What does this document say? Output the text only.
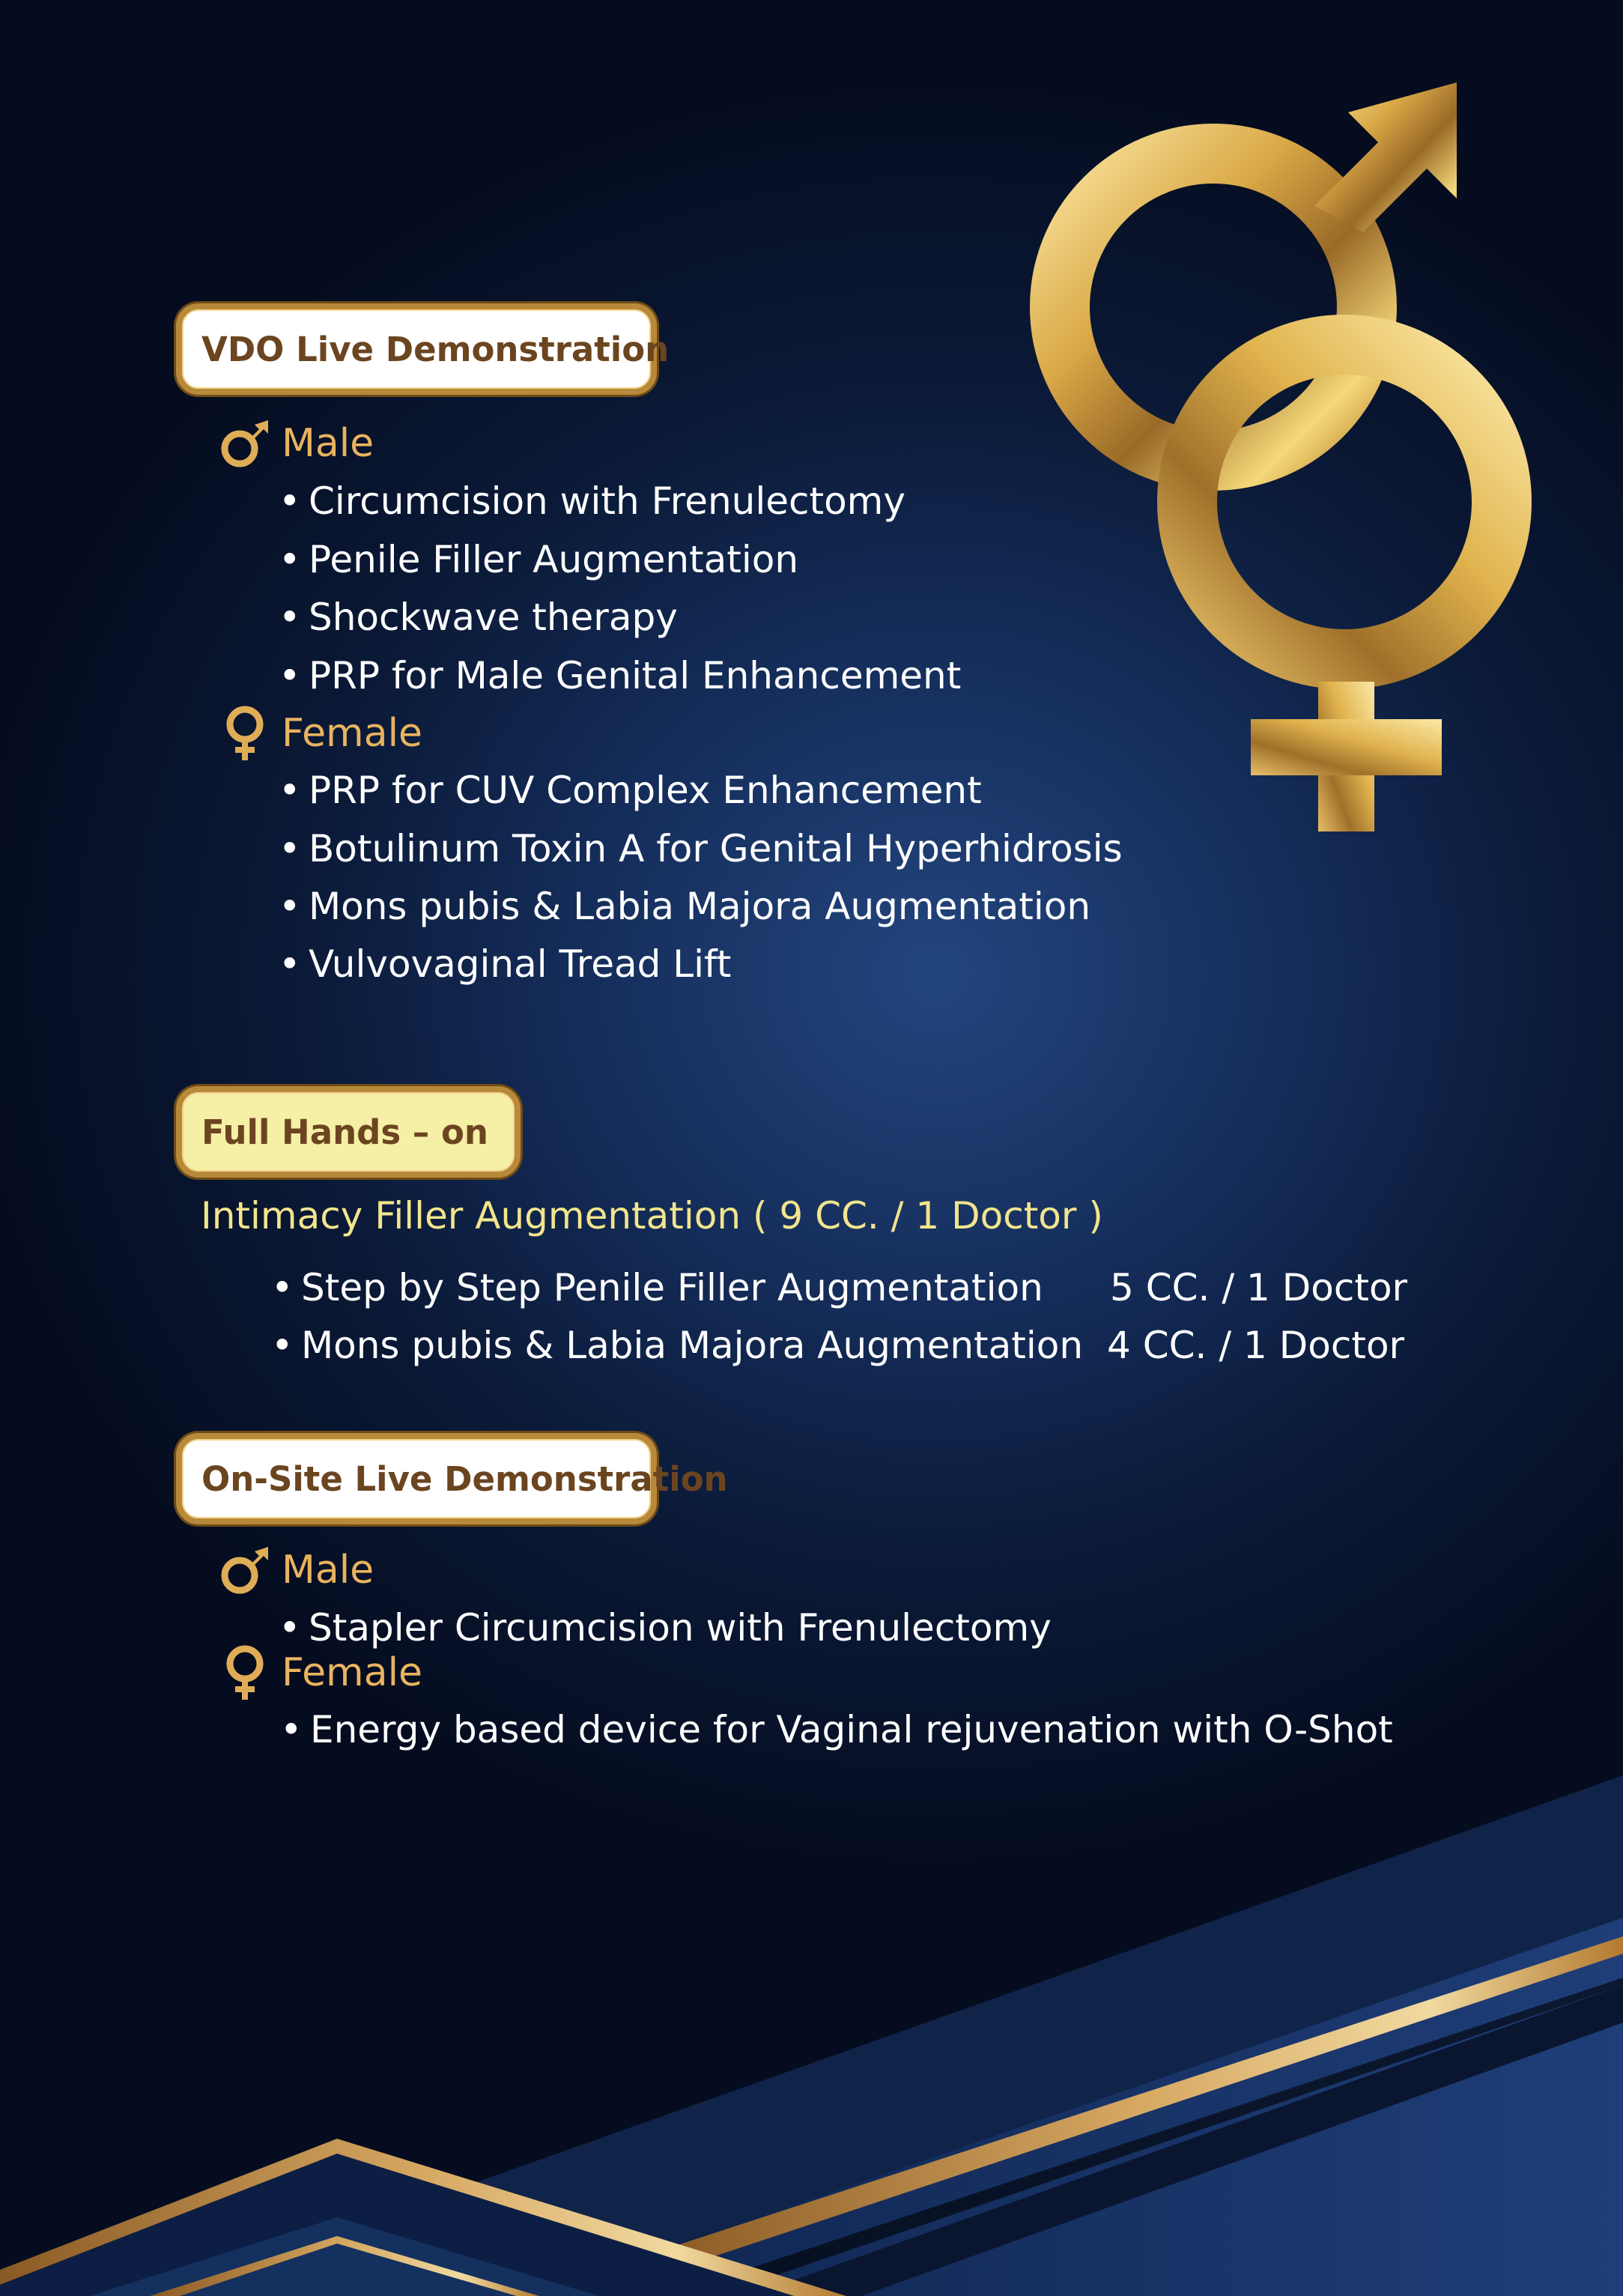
VDO Live Demonstration
Male
• Circumcision with Frenulectomy
• Penile Filler Augmentation
• Shockwave therapy
• PRP for Male Genital Enhancement
Female
• PRP for CUV Complex Enhancement
• Botulinum Toxin A for Genital Hyperhidrosis
• Mons pubis & Labia Majora Augmentation
• Vulvovaginal Tread Lift
Full Hands – on
Intimacy Filler Augmentation ( 9 CC. / 1 Doctor )
• Step by Step Penile Filler Augmentation 5 CC. / 1 Doctor
• Mons pubis & Labia Majora Augmentation 4 CC. / 1 Doctor
On-Site Live Demonstration
Male
• Stapler Circumcision with Frenulectomy
Female
• Energy based device for Vaginal rejuvenation with O-Shot
